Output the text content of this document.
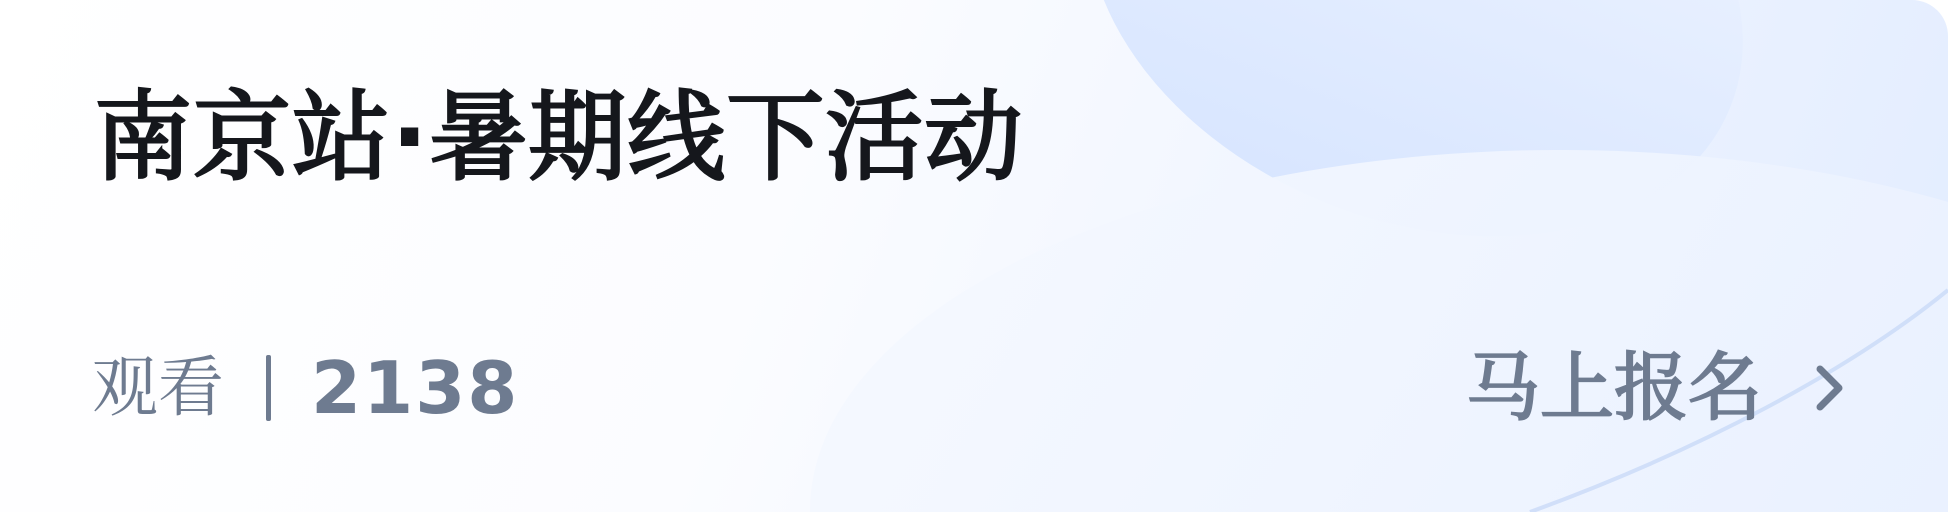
南京站·暑期线下活动
观看 2138	马上报名
